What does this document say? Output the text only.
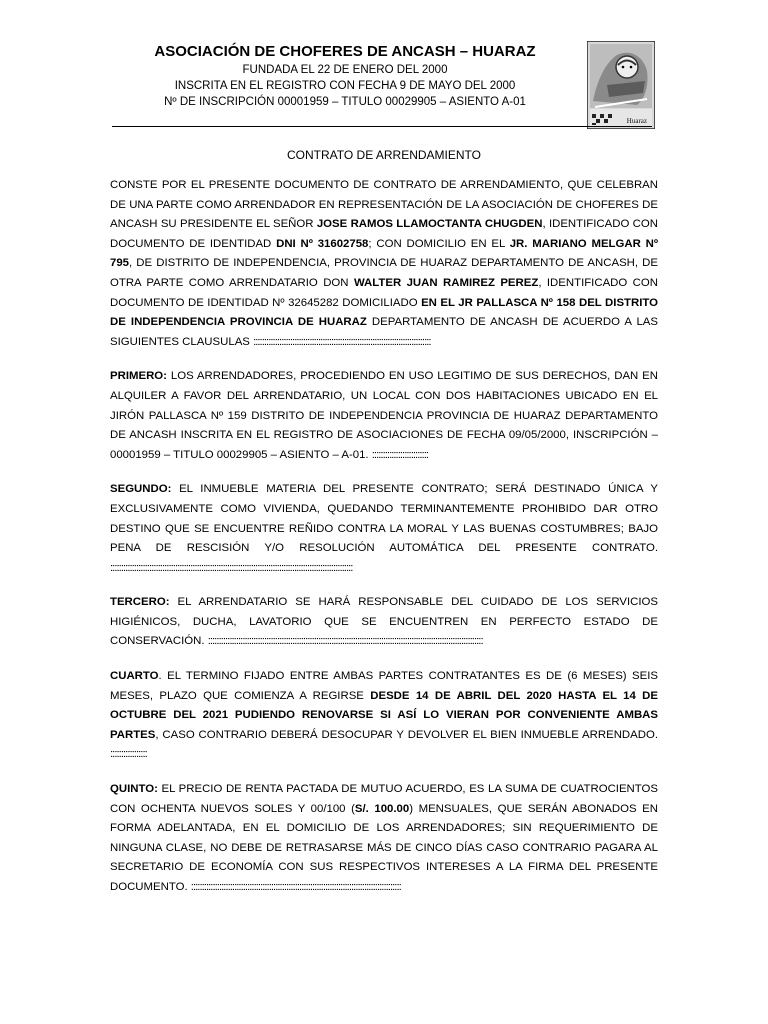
ASOCIACIÓN DE CHOFERES DE ANCASH – HUARAZ
FUNDADA EL 22 DE ENERO DEL 2000
INSCRITA EN EL REGISTRO CON FECHA 9 DE MAYO DEL 2000
Nº DE INSCRIPCIÓN 00001959 – TITULO 00029905 – ASIENTO A-01
Huaraz
CONTRATO DE ARRENDAMIENTO

CONSTE POR EL PRESENTE DOCUMENTO DE CONTRATO DE ARRENDAMIENTO, QUE CELEBRAN DE UNA PARTE COMO ARRENDADOR EN REPRESENTACIÓN DE LA ASOCIACIÓN DE CHOFERES DE ANCASH SU PRESIDENTE EL SEÑOR JOSE RAMOS LLAMOCTANTA CHUGDEN, IDENTIFICADO CON DOCUMENTO DE IDENTIDAD DNI Nº 31602758; CON DOMICILIO EN EL JR. MARIANO MELGAR Nº 795, DE DISTRITO DE INDEPENDENCIA, PROVINCIA DE HUARAZ DEPARTAMENTO DE ANCASH, DE OTRA PARTE COMO ARRENDATARIO DON WALTER JUAN RAMIREZ PEREZ, IDENTIFICADO CON DOCUMENTO DE IDENTIDAD Nº 32645282 DOMICILIADO EN EL JR PALLASCA Nº 158 DEL DISTRITO DE INDEPENDENCIA PROVINCIA DE HUARAZ DEPARTAMENTO DE ANCASH DE ACUERDO A LAS SIGUIENTES CLAUSULAS ::::::::::::::::::::::::::::::::::::::::::::::::::::::::::::::::::::::::::::::::::

PRIMERO: LOS ARRENDADORES, PROCEDIENDO EN USO LEGITIMO DE SUS DERECHOS, DAN EN ALQUILER A FAVOR DEL ARRENDATARIO, UN LOCAL CON DOS HABITACIONES UBICADO EN EL JIRÓN PALLASCA Nº 159 DISTRITO DE INDEPENDENCIA PROVINCIA DE HUARAZ DEPARTAMENTO DE ANCASH INSCRITA EN EL REGISTRO DE ASOCIACIONES DE FECHA 09/05/2000, INSCRIPCIÓN – 00001959 – TITULO 00029905 – ASIENTO – A-01. ::::::::::::::::::::::::::

SEGUNDO: EL INMUEBLE MATERIA DEL PRESENTE CONTRATO; SERÁ DESTINADO ÚNICA Y EXCLUSIVAMENTE COMO VIVIENDA, QUEDANDO TERMINANTEMENTE PROHIBIDO DAR OTRO DESTINO QUE SE ENCUENTRE REÑIDO CONTRA LA MORAL Y LAS BUENAS COSTUMBRES; BAJO PENA DE RESCISIÓN Y/O RESOLUCIÓN AUTOMÁTICA DEL PRESENTE CONTRATO. ::::::::::::::::::::::::::::::::::::::::::::::::::::::::::::::::::::::::::::::::::::::::::::::::::::::::::::::::

TERCERO: EL ARRENDATARIO SE HARÁ RESPONSABLE DEL CUIDADO DE LOS SERVICIOS HIGIÉNICOS, DUCHA, LAVATORIO QUE SE ENCUENTREN EN PERFECTO ESTADO DE CONSERVACIÓN. :::::::::::::::::::::::::::::::::::::::::::::::::::::::::::::::::::::::::::::::::::::::::::::::::::::::::::::::::::::::::::::::

CUARTO. EL TERMINO FIJADO ENTRE AMBAS PARTES CONTRATANTES ES DE (6 MESES) SEIS MESES, PLAZO QUE COMIENZA A REGIRSE DESDE 14 DE ABRIL DEL 2020 HASTA EL 14 DE OCTUBRE DEL 2021 PUDIENDO RENOVARSE SI ASÍ LO VIERAN POR CONVENIENTE AMBAS PARTES, CASO CONTRARIO DEBERÁ DESOCUPAR Y DEVOLVER EL BIEN INMUEBLE ARRENDADO. :::::::::::::::::

QUINTO: EL PRECIO DE RENTA PACTADA DE MUTUO ACUERDO, ES LA SUMA DE CUATROCIENTOS CON OCHENTA NUEVOS SOLES Y 00/100 (S/. 100.00) MENSUALES, QUE SERÁN ABONADOS EN FORMA ADELANTADA, EN EL DOMICILIO DE LOS ARRENDADORES; SIN REQUERIMIENTO DE NINGUNA CLASE, NO DEBE DE RETRASARSE MÁS DE CINCO DÍAS CASO CONTRARIO PAGARA AL SECRETARIO DE ECONOMÍA CON SUS RESPECTIVOS INTERESES A LA FIRMA DEL PRESENTE DOCUMENTO. :::::::::::::::::::::::::::::::::::::::::::::::::::::::::::::::::::::::::::::::::::::::::::::::::
